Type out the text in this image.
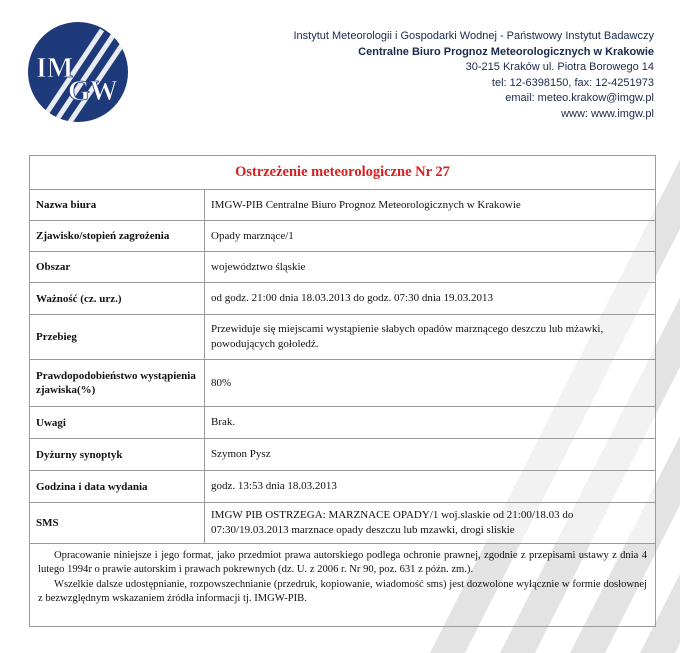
IM
GW
Instytut Meteorologii i Gospodarki Wodnej - Państwowy Instytut Badawczy
Centralne Biuro Prognoz Meteorologicznych w Krakowie
30-215 Kraków ul. Piotra Borowego 14
tel: 12-6398150, fax: 12-4251973
email: meteo.krakow@imgw.pl
www: www.imgw.pl
Ostrzeżenie meteorologiczne Nr 27
Nazwa biura	IMGW-PIB Centralne Biuro Prognoz Meteorologicznych w Krakowie
Zjawisko/stopień zagrożenia	Opady marznące/1
Obszar	województwo śląskie
Ważność (cz. urz.)	od godz. 21:00 dnia 18.03.2013 do godz. 07:30 dnia 19.03.2013
Przebieg	Przewiduje się miejscami wystąpienie słabych opadów marznącego deszczu lub mżawki, powodujących gołoledź.
Prawdopodobieństwo wystąpienia zjawiska(%)	80%
Uwagi	Brak.
Dyżurny synoptyk	Szymon Pysz
Godzina i data wydania	godz. 13:53 dnia 18.03.2013
SMS	IMGW PIB OSTRZEGA: MARZNACE OPADY/1 woj.slaskie od 21:00/18.03 do 07:30/19.03.2013 marznace opady deszczu lub mzawki, drogi sliskie

Opracowanie niniejsze i jego format, jako przedmiot prawa autorskiego podlega ochronie prawnej, zgodnie z przepisami ustawy z dnia 4 lutego 1994r o prawie autorskim i prawach pokrewnych (dz. U. z 2006 r. Nr 90, poz. 631 z późn. zm.).

Wszelkie dalsze udostępnianie, rozpowszechnianie (przedruk, kopiowanie, wiadomość sms) jest dozwolone wyłącznie w formie dosłownej z bezwzględnym wskazaniem źródła informacji tj. IMGW-PIB.
